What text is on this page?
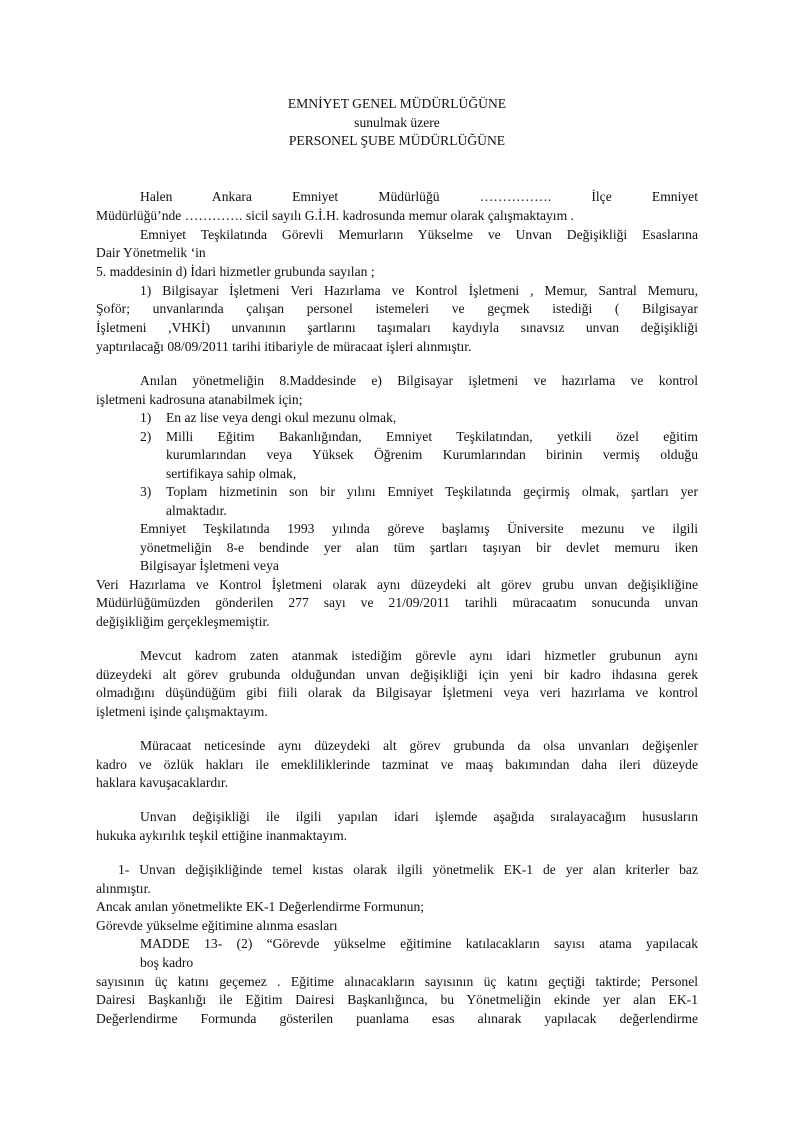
EMNİYET GENEL MÜDÜRLÜĞÜNE
sunulmak üzere
PERSONEL ŞUBE MÜDÜRLÜĞÜNE
Halen Ankara Emniyet Müdürlüğü ……………. İlçe Emniyet
Müdürlüğü’nde …………. sicil sayılı G.İ.H. kadrosunda memur olarak çalışmaktayım .
Emniyet Teşkilatında Görevli Memurların Yükselme ve Unvan Değişikliği Esaslarına
Dair Yönetmelik ‘in
5. maddesinin d) İdari hizmetler grubunda sayılan ;
1) Bilgisayar İşletmeni Veri Hazırlama ve Kontrol İşletmeni , Memur, Santral Memuru,
Şoför; unvanlarında çalışan personel istemeleri ve geçmek istediği ( Bilgisayar
İşletmeni ,VHKİ) unvanının şartlarını taşımaları kaydıyla sınavsız unvan değişikliği
yaptırılacağı 08/09/2011 tarihi itibariyle de müracaat işleri alınmıştır.
Anılan yönetmeliğin 8.Maddesinde e) Bilgisayar işletmeni ve hazırlama ve kontrol
işletmeni kadrosuna atanabilmek için;
1) En az lise veya dengi okul mezunu olmak,
2) Milli Eğitim Bakanlığından, Emniyet Teşkilatından, yetkili özel eğitim
kurumlarından veya Yüksek Öğrenim Kurumlarından birinin vermiş olduğu
sertifikaya sahip olmak,
3) Toplam hizmetinin son bir yılını Emniyet Teşkilatında geçirmiş olmak, şartları yer
almaktadır.
Emniyet Teşkilatında 1993 yılında göreve başlamış Üniversite mezunu ve ilgili
yönetmeliğin 8-e bendinde yer alan tüm şartları taşıyan bir devlet memuru iken
Bilgisayar İşletmeni veya
Veri Hazırlama ve Kontrol İşletmeni olarak aynı düzeydeki alt görev grubu unvan değişikliğine
Müdürlüğümüzden gönderilen 277 sayı ve 21/09/2011 tarihli müracaatım sonucunda unvan
değişikliğim gerçekleşmemiştir.
Mevcut kadrom zaten atanmak istediğim görevle aynı idari hizmetler grubunun aynı
düzeydeki alt görev grubunda olduğundan unvan değişikliği için yeni bir kadro ihdasına gerek
olmadığını düşündüğüm gibi fiili olarak da Bilgisayar İşletmeni veya veri hazırlama ve kontrol
işletmeni işinde çalışmaktayım.
Müracaat neticesinde aynı düzeydeki alt görev grubunda da olsa unvanları değişenler
kadro ve özlük hakları ile emekliliklerinde tazminat ve maaş bakımından daha ileri düzeyde
haklara kavuşacaklardır.
Unvan değişikliği ile ilgili yapılan idari işlemde aşağıda sıralayacağım hususların
hukuka aykırılık teşkil ettiğine inanmaktayım.
1- Unvan değişikliğinde temel kıstas olarak ilgili yönetmelik EK-1 de yer alan kriterler baz
alınmıştır.
Ancak anılan yönetmelikte EK-1 Değerlendirme Formunun;
Görevde yükselme eğitimine alınma esasları
MADDE 13- (2) “Görevde yükselme eğitimine katılacakların sayısı atama yapılacak
boş kadro
sayısının üç katını geçemez . Eğitime alınacakların sayısının üç katını geçtiği taktirde; Personel
Dairesi Başkanlığı ile Eğitim Dairesi Başkanlığınca, bu Yönetmeliğin ekinde yer alan EK-1
Değerlendirme Formunda gösterilen puanlama esas alınarak yapılacak değerlendirme
